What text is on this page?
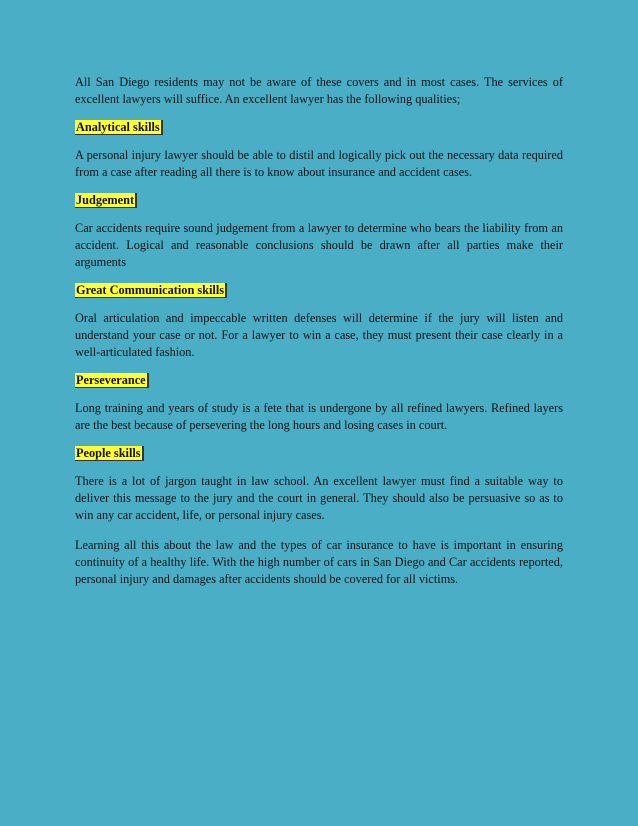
All San Diego residents may not be aware of these covers and in most cases. The services of excellent lawyers will suffice. An excellent lawyer has the following qualities;

Analytical skills

A personal injury lawyer should be able to distil and logically pick out the necessary data required from a case after reading all there is to know about insurance and accident cases.

Judgement

Car accidents require sound judgement from a lawyer to determine who bears the liability from an accident. Logical and reasonable conclusions should be drawn after all parties make their arguments

Great Communication skills

Oral articulation and impeccable written defenses will determine if the jury will listen and understand your case or not. For a lawyer to win a case, they must present their case clearly in a well-articulated fashion.

Perseverance

Long training and years of study is a fete that is undergone by all refined lawyers. Refined layers are the best because of persevering the long hours and losing cases in court.

People skills

There is a lot of jargon taught in law school. An excellent lawyer must find a suitable way to deliver this message to the jury and the court in general. They should also be persuasive so as to win any car accident, life, or personal injury cases.

Learning all this about the law and the types of car insurance to have is important in ensuring continuity of a healthy life. With the high number of cars in San Diego and Car accidents reported, personal injury and damages after accidents should be covered for all victims.
